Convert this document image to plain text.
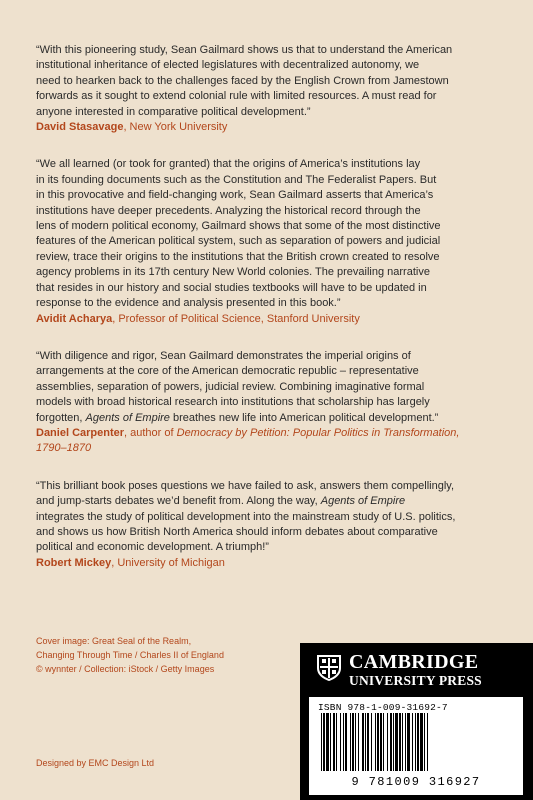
“With this pioneering study, Sean Gailmard shows us that to understand the American
institutional inheritance of elected legislatures with decentralized autonomy, we
need to hearken back to the challenges faced by the English Crown from Jamestown
forwards as it sought to extend colonial rule with limited resources. A must read for
anyone interested in comparative political development.”
David Stasavage, New York University

“We all learned (or took for granted) that the origins of America’s institutions lay
in its founding documents such as the Constitution and The Federalist Papers. But
in this provocative and field-changing work, Sean Gailmard asserts that America’s
institutions have deeper precedents. Analyzing the historical record through the
lens of modern political economy, Gailmard shows that some of the most distinctive
features of the American political system, such as separation of powers and judicial
review, trace their origins to the institutions that the British crown created to resolve
agency problems in its 17th century New World colonies. The prevailing narrative
that resides in our history and social studies textbooks will have to be updated in
response to the evidence and analysis presented in this book.”
Avidit Acharya, Professor of Political Science, Stanford University

“With diligence and rigor, Sean Gailmard demonstrates the imperial origins of
arrangements at the core of the American democratic republic – representative
assemblies, separation of powers, judicial review. Combining imaginative formal
models with broad historical research into institutions that scholarship has largely
forgotten, Agents of Empire breathes new life into American political development.”
Daniel Carpenter, author of Democracy by Petition: Popular Politics in Transformation,
1790–1870

“This brilliant book poses questions we have failed to ask, answers them compellingly,
and jump-starts debates we’d benefit from. Along the way, Agents of Empire
integrates the study of political development into the mainstream study of U.S. politics,
and shows us how British North America should inform debates about comparative
political and economic development. A triumph!”
Robert Mickey, University of Michigan

Cover image: Great Seal of the Realm,
Changing Through Time / Charles II of England
© wynnter / Collection: iStock / Getty Images
Designed by EMC Design Ltd
CAMBRIDGE
UNIVERSITY PRESS
ISBN 978-1-009-31692-7
9 781009 316927
